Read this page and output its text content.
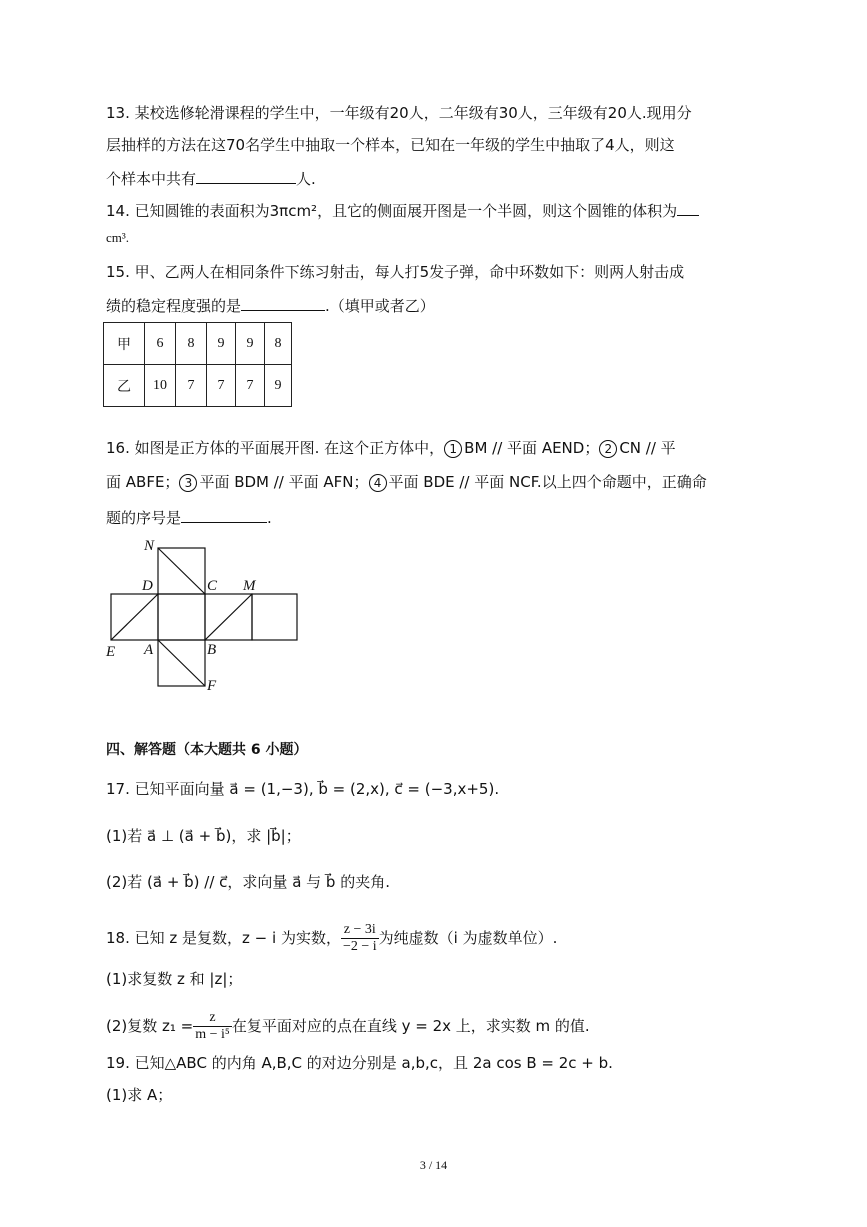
13. 某校选修轮滑课程的学生中，一年级有20人，二年级有30人，三年级有20人.现用分
层抽样的方法在这70名学生中抽取一个样本，已知在一年级的学生中抽取了4人，则这
个样本中共有	人.
14. 已知圆锥的表面积为3πcm²，且它的侧面展开图是一个半圆，则这个圆锥的体积为
cm³.
15. 甲、乙两人在相同条件下练习射击，每人打5发子弹，命中环数如下：则两人射击成
绩的稳定程度强的是	.（填甲或者乙）
甲	6	8	9	9	8
乙	10	7	7	7	9
16. 如图是正方体的平面展开图. 在这个正方体中， 1 BM // 平面 AEND； 2 CN // 平
面 ABFE； 3 平面 BDM // 平面 AFN； 4 平面 BDE // 平面 NCF.以上四个命题中，正确命
题的序号是	.
N
D	C M
E A	B
F
四、解答题（本大题共 6 小题）
17. 已知平面向量 a⃗ = (1,−3), b⃗ = (2,x), c⃗ = (−3,x+5).
(1)若 a⃗ ⊥ (a⃗ + b⃗)，求 |b⃗|；
(2)若 (a⃗ + b⃗) // c⃗，求向量 a⃗ 与 b⃗ 的夹角.
18. 已知 z 是复数，z − i 为实数， $\frac{z - 3i}{-2 - i}$ 为纯虚数（i 为虚数单位）.
(1)求复数 z 和 |z|；
(2)复数 $z_1 = \frac{z}{\text{m − i⁵}}$ 在复平面对应的点在直线 y = 2x 上，求实数 m 的值.
19. 已知△ABC 的内角 A,B,C 的对边分别是 a,b,c，且 2a cos B = 2c + b.
(1)求 A；
3 / 14
